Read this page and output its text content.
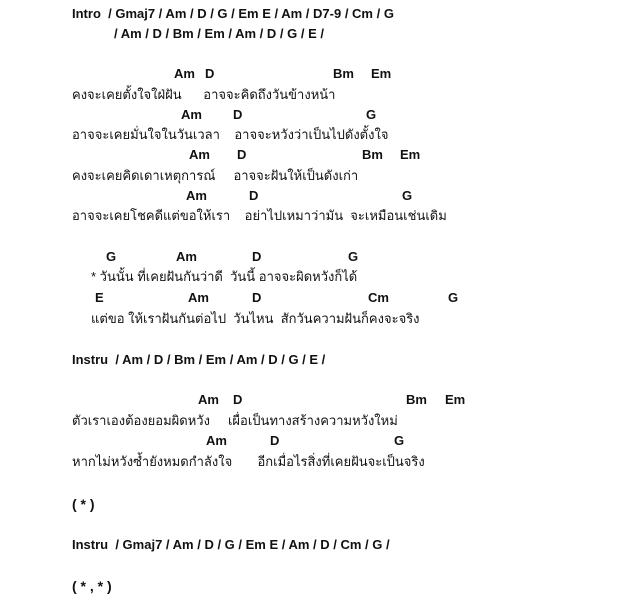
Intro  / Gmaj7 / Am / D / G / Em E / Am / D7-9 / Cm / G
/ Am / D / Bm / Em / Am / D / G / E /
Am D	Bm Em
คงจะเคยตั้งใจใฝ่ฝัน      อาจจะคิดถึงวันข้างหน้า
Am D	G
อาจจะเคยมั่นใจในวันเวลา    อาจจะหวังว่าเป็นไปดังตั้งใจ
Am D	Bm Em
คงจะเคยคิดเดาเหตุการณ์     อาจจะฝันให้เป็นดังเก่า
Am	D	G
อาจจะเคยโชคดีแต่ขอให้เรา    อย่าไปเหมาว่ามัน  จะเหมือนเช่นเดิม
G	Am	D	G
* วันนั้น ที่เคยฝันกันว่าดี  วันนี้ อาจจะผิดหวังก็ได้
E	Am	D	Cm	G
แต่ขอ ให้เราฝันกันต่อไป  วันไหน  สักวันความฝันก็คงจะจริง
Instru  / Am / D / Bm / Em / Am / D / G / E /
Am D	Bm Em
ตัวเราเองต้องยอมผิดหวัง     เผื่อเป็นทางสร้างความหวังใหม่
Am	D	G
หากไม่หวังซ้ำยังหมดกำลังใจ       อีกเมื่อไรสิ่งที่เคยฝันจะเป็นจริง
( * )
Instru  / Gmaj7 / Am / D / G / Em E / Am / D / Cm / G /
( * , * )
